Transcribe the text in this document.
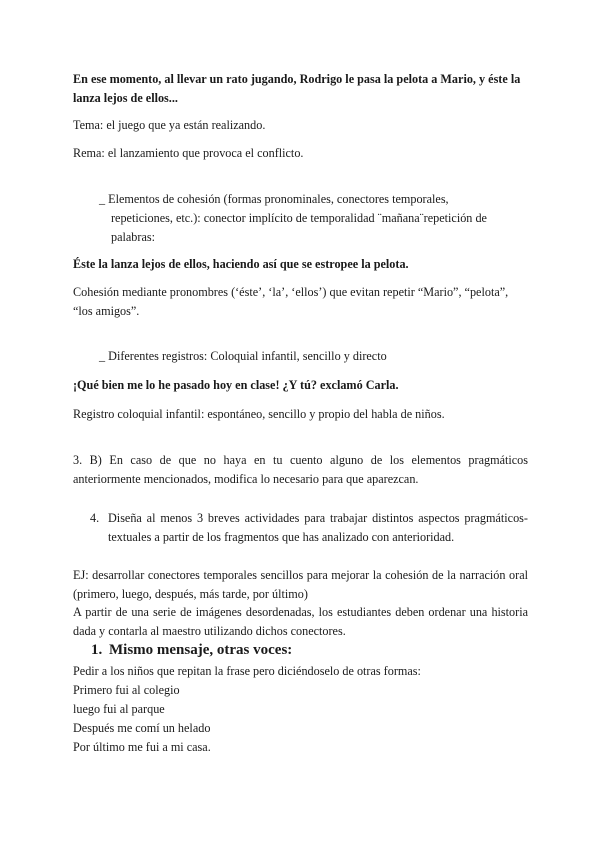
En ese momento, al llevar un rato jugando, Rodrigo le pasa la pelota a Mario, y éste la lanza lejos de ellos...

Tema: el juego que ya están realizando.

Rema: el lanzamiento que provoca el conflicto.

_ Elementos de cohesión (formas pronominales, conectores temporales,

repeticiones, etc.): conector implícito de temporalidad ¨mañana¨repetición de palabras:

Éste la lanza lejos de ellos, haciendo así que se estropee la pelota.

Cohesión mediante pronombres (‘éste’, ‘la’, ‘ellos’) que evitan repetir “Mario”, “pelota”, “los amigos”.

_ Diferentes registros: Coloquial infantil, sencillo y directo

¡Qué bien me lo he pasado hoy en clase! ¿Y tú? exclamó Carla.

Registro coloquial infantil: espontáneo, sencillo y propio del habla de niños.

3. B) En caso de que no haya en tu cuento alguno de los elementos pragmáticos anteriormente mencionados, modifica lo necesario para que aparezcan.

4. Diseña al menos 3 breves actividades para trabajar distintos aspectos pragmáticos-textuales a partir de los fragmentos que has analizado con anterioridad.

EJ: desarrollar conectores temporales sencillos para mejorar la cohesión de la narración oral (primero, luego, después, más tarde, por último)

A partir de una serie de imágenes desordenadas, los estudiantes deben ordenar una historia dada y contarla al maestro utilizando dichos conectores.

1. Mismo mensaje, otras voces:

Pedir a los niños que repitan la frase pero diciéndoselo de otras formas:

Primero fui al colegio

luego fui al parque

Después me comí un helado

Por último me fui a mi casa.
